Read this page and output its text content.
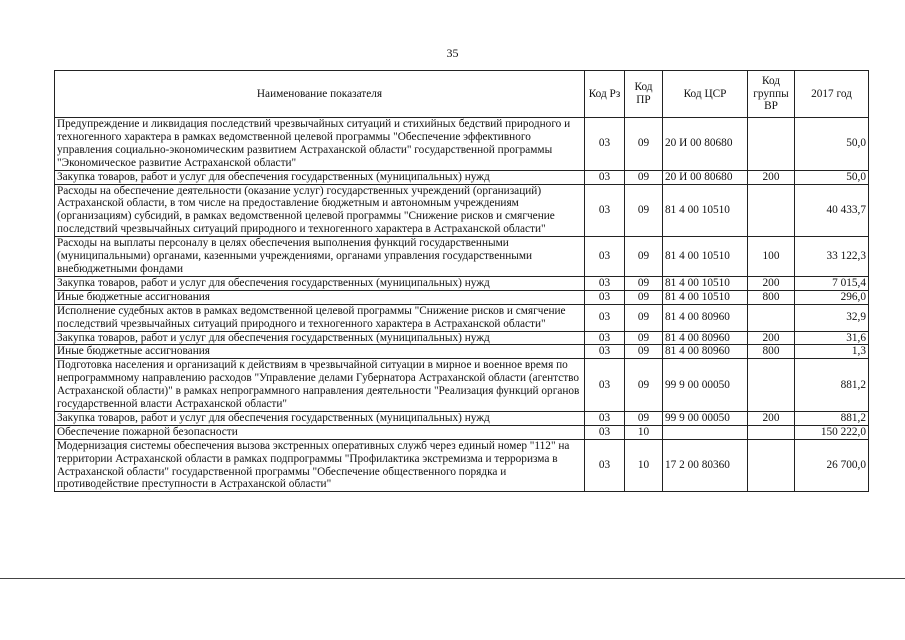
35
Наименование показателя	Код Рз	Код ПР	Код ЦСР	Код группы ВР	2017 год
Предупреждение и ликвидация последствий чрезвычайных ситуаций и стихийных бедствий природного и техногенного характера в рамках ведомственной целевой программы "Обеспечение эффективного управления социально-экономическим развитием Астраханской области" государственной программы "Экономическое развитие Астраханской области"	03	09	20 И 00 80680		50,0
Закупка товаров, работ и услуг для обеспечения государственных (муниципальных) нужд	03	09	20 И 00 80680	200	50,0
Расходы на обеспечение деятельности (оказание услуг) государственных учреждений (организаций) Астраханской области, в том числе на предоставление бюджетным и автономным учреждениям (организациям) субсидий, в рамках ведомственной целевой программы "Снижение рисков и смягчение последствий чрезвычайных ситуаций природного и техногенного характера в Астраханской области"	03	09	81 4 00 10510		40 433,7
Расходы на выплаты персоналу в целях обеспечения выполнения функций государственными (муниципальными) органами, казенными учреждениями, органами управления государственными внебюджетными фондами	03	09	81 4 00 10510	100	33 122,3
Закупка товаров, работ и услуг для обеспечения государственных (муниципальных) нужд	03	09	81 4 00 10510	200	7 015,4
Иные бюджетные ассигнования	03	09	81 4 00 10510	800	296,0
Исполнение судебных актов в рамках ведомственной целевой программы "Снижение рисков и смягчение последствий чрезвычайных ситуаций природного и техногенного характера в Астраханской области"	03	09	81 4 00 80960		32,9
Закупка товаров, работ и услуг для обеспечения государственных (муниципальных) нужд	03	09	81 4 00 80960	200	31,6
Иные бюджетные ассигнования	03	09	81 4 00 80960	800	1,3
Подготовка населения и организаций к действиям в чрезвычайной ситуации в мирное и военное время по непрограммному направлению расходов "Управление делами Губернатора Астраханской области (агентство Астраханской области)" в рамках непрограммного направления деятельности "Реализация функций органов государственной власти Астраханской области"	03	09	99 9 00 00050		881,2
Закупка товаров, работ и услуг для обеспечения государственных (муниципальных) нужд	03	09	99 9 00 00050	200	881,2
Обеспечение пожарной безопасности	03	10			150 222,0
Модернизация системы обеспечения вызова экстренных оперативных служб через единый номер "112" на территории Астраханской области в рамках подпрограммы "Профилактика экстремизма и терроризма в Астраханской области" государственной программы "Обеспечение общественного порядка и противодействие преступности в Астраханской области"	03	10	17 2 00 80360		26 700,0
